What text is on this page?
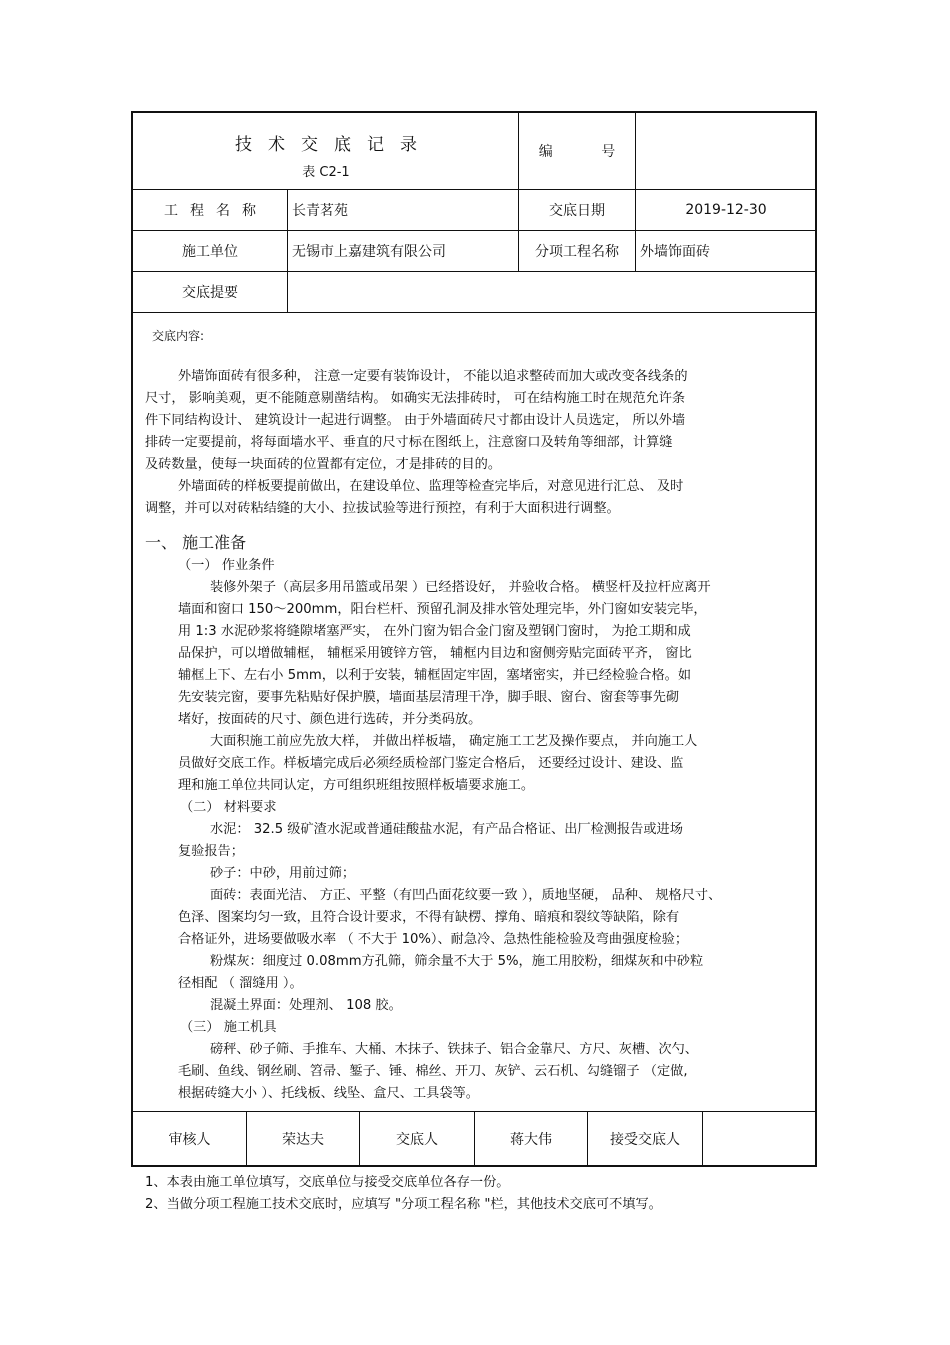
技术交底记录
表 C2-1
编 号
工程名称 长青茗苑	交底日期	2019-12-30
施工单位	无锡市上嘉建筑有限公司	分项工程名称	外墙饰面砖
交底提要
交底内容:
外墙饰面砖有很多种， 注意一定要有装饰设计， 不能以追求整砖而加大或改变各线条的
尺寸， 影响美观，更不能随意剔凿结构。 如确实无法排砖时， 可在结构施工时在规范允许条
件下同结构设计、 建筑设计一起进行调整。 由于外墙面砖尺寸都由设计人员选定， 所以外墙
排砖一定要提前，将每面墙水平、垂直的尺寸标在图纸上，注意窗口及转角等细部，计算缝
及砖数量，使每一块面砖的位置都有定位，才是排砖的目的。
外墙面砖的样板要提前做出，在建设单位、监理等检查完毕后，对意见进行汇总、 及时
调整，并可以对砖粘结缝的大小、拉拔试验等进行预控，有利于大面积进行调整。
一、 施工准备
（一） 作业条件
装修外架子（高层多用吊篮或吊架 ）已经搭设好， 并验收合格。 横竖杆及拉杆应离开
墙面和窗口 150～200mm，阳台栏杆、预留孔洞及排水管处理完毕，外门窗如安装完毕，
用 1:3 水泥砂浆将缝隙堵塞严实， 在外门窗为铝合金门窗及塑钢门窗时， 为抢工期和成
品保护，可以增做辅框， 辅框采用镀锌方管， 辅框内目边和窗侧旁贴完面砖平齐， 窗比
辅框上下、左右小 5mm，以利于安装，辅框固定牢固，塞堵密实，并已经检验合格。如
先安装完窗，要事先粘贴好保护膜，墙面基层清理干净，脚手眼、窗台、窗套等事先砌
堵好，按面砖的尺寸、颜色进行选砖，并分类码放。
大面积施工前应先放大样， 并做出样板墙， 确定施工工艺及操作要点， 并向施工人
员做好交底工作。样板墙完成后必须经质检部门鉴定合格后， 还要经过设计、建设、监
理和施工单位共同认定，方可组织班组按照样板墙要求施工。
（二） 材料要求
水泥： 32.5 级矿渣水泥或普通硅酸盐水泥，有产品合格证、出厂检测报告或进场
复验报告；
砂子：中砂，用前过筛；
面砖：表面光洁、 方正、平整（有凹凸面花纹要一致 ），质地坚硬， 品种、 规格尺寸、
色泽、图案均匀一致，且符合设计要求，不得有缺楞、撑角、暗痕和裂纹等缺陷，除有
合格证外，进场要做吸水率 （ 不大于 10%）、耐急冷、急热性能检验及弯曲强度检验；
粉煤灰：细度过 0.08mm方孔筛，筛余量不大于 5%，施工用胶粉，细煤灰和中砂粒
径相配 （ 溜缝用 ）。
混凝土界面：处理剂、 108 胶。
（三） 施工机具
磅秤、砂子筛、手推车、大桶、木抹子、铁抹子、铝合金靠尺、方尺、灰槽、次勺、
毛刷、鱼线、钢丝刷、笤帚、錾子、锤、棉丝、开刀、灰铲、云石机、勾缝镏子 （定做,
根据砖缝大小 ）、托线板、线坠、盒尺、工具袋等。
审核人	荣达夫	交底人	蒋大伟	接受交底人
1、本表由施工单位填写，交底单位与接受交底单位各存一份。
2、当做分项工程施工技术交底时，应填写 "分项工程名称 "栏，其他技术交底可不填写。
